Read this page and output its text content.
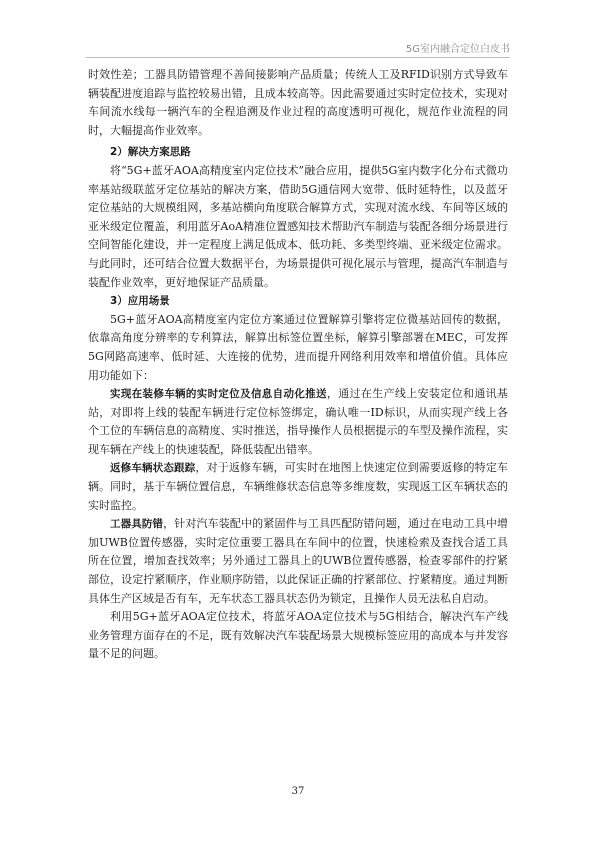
5G室内融合定位白皮书

时效性差；工器具防错管理不善间接影响产品质量；传统人工及RFID识别方式导致车辆装配进度追踪与监控较易出错，且成本较高等。因此需要通过实时定位技术，实现对车间流水线每一辆汽车的全程追溯及作业过程的高度透明可视化，规范作业流程的同时，大幅提高作业效率。

2）解决方案思路

将“5G+蓝牙AOA高精度室内定位技术”融合应用，提供5G室内数字化分布式微功率基站级联蓝牙定位基站的解决方案，借助5G通信网大宽带、低时延特性，以及蓝牙定位基站的大规模组网，多基站横向角度联合解算方式，实现对流水线、车间等区域的亚米级定位覆盖，利用蓝牙AoA精准位置感知技术帮助汽车制造与装配各细分场景进行空间智能化建设，并一定程度上满足低成本、低功耗、多类型终端、亚米级定位需求。与此同时，还可结合位置大数据平台，为场景提供可视化展示与管理，提高汽车制造与装配作业效率，更好地保证产品质量。

3）应用场景

5G+蓝牙AOA高精度室内定位方案通过位置解算引擎将定位微基站回传的数据，依靠高角度分辨率的专利算法，解算出标签位置坐标，解算引擎部署在MEC，可发挥5G网路高速率、低时延、大连接的优势，进而提升网络利用效率和增值价值。具体应用功能如下：

实现在装修车辆的实时定位及信息自动化推送，通过在生产线上安装定位和通讯基站，对即将上线的装配车辆进行定位标签绑定，确认唯一ID标识，从而实现产线上各个工位的车辆信息的高精度、实时推送，指导操作人员根据提示的车型及操作流程，实现车辆在产线上的快速装配，降低装配出错率。

返修车辆状态跟踪，对于返修车辆，可实时在地图上快速定位到需要返修的特定车辆。同时，基于车辆位置信息，车辆维修状态信息等多维度数，实现返工区车辆状态的实时监控。

工器具防错，针对汽车装配中的紧固件与工具匹配防错问题，通过在电动工具中增加UWB位置传感器，实时定位重要工器具在车间中的位置，快速检索及查找合适工具所在位置，增加查找效率；另外通过工器具上的UWB位置传感器，检查零部件的拧紧部位，设定拧紧顺序，作业顺序防错，以此保证正确的拧紧部位、拧紧精度。通过判断具体生产区域是否有车，无车状态工器具状态仍为锁定，且操作人员无法私自启动。

利用5G+蓝牙AOA定位技术，将蓝牙AOA定位技术与5G相结合，解决汽车产线业务管理方面存在的不足，既有效解决汽车装配场景大规模标签应用的高成本与并发容量不足的问题。

37
